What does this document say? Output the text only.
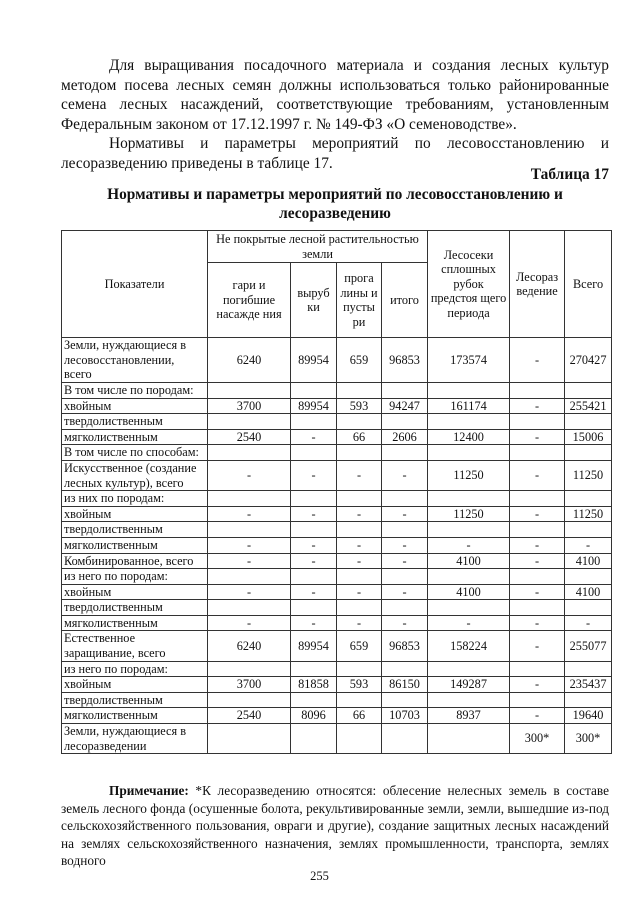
Для выращивания посадочного материала и создания лесных культур методом посева лесных семян должны использоваться только районированные семена лесных насаждений, соответствующие требованиям, установленным Федеральным законом от 17.12.1997 г. № 149-ФЗ «О семеноводстве».

Нормативы и параметры мероприятий по лесовосстановлению и лесоразведению приведены в таблице 17.

Таблица 17
Нормативы и параметры мероприятий по лесовосстановлению и лесоразведению
Показатели	Не покрытые лесной растительностью земли				Лесосеки сплошных рубок предстоя щего периода	Лесораз ведение	Всего
	гари и погибшие насажде ния	выруб ки	прога лины и пусты ри	итого			
Земли, нуждающиеся в лесовосстановлении, всего	6240	89954	659	96853	173574	-	270427
В том числе по породам:							
хвойным	3700	89954	593	94247	161174	-	255421
твердолиственным							
мягколиственным	2540	-	66	2606	12400	-	15006
В том числе по способам:							
Искусственное (создание лесных культур), всего	-	-	-	-	11250	-	11250
из них по породам:							
хвойным	-	-	-	-	11250	-	11250
твердолиственным							
мягколиственным	-	-	-	-	-	-	-
Комбинированное, всего	-	-	-	-	4100	-	4100
из него по породам:							
хвойным	-	-	-	-	4100	-	4100
твердолиственным							
мягколиственным	-	-	-	-	-	-	-
Естественное заращивание, всего	6240	89954	659	96853	158224	-	255077
из него по породам:							
хвойным	3700	81858	593	86150	149287	-	235437
твердолиственным							
мягколиственным	2540	8096	66	10703	8937	-	19640
Земли, нуждающиеся в лесоразведении						300*	300*

Примечание: *К лесоразведению относятся: облесение нелесных земель в составе земель лесного фонда (осушенные болота, рекультивированные земли, земли, вышедшие из-под сельскохозяйственного пользования, овраги и другие), создание защитных лесных насаждений на землях сельскохозяйственного назначения, землях промышленности, транспорта, землях водного

255
